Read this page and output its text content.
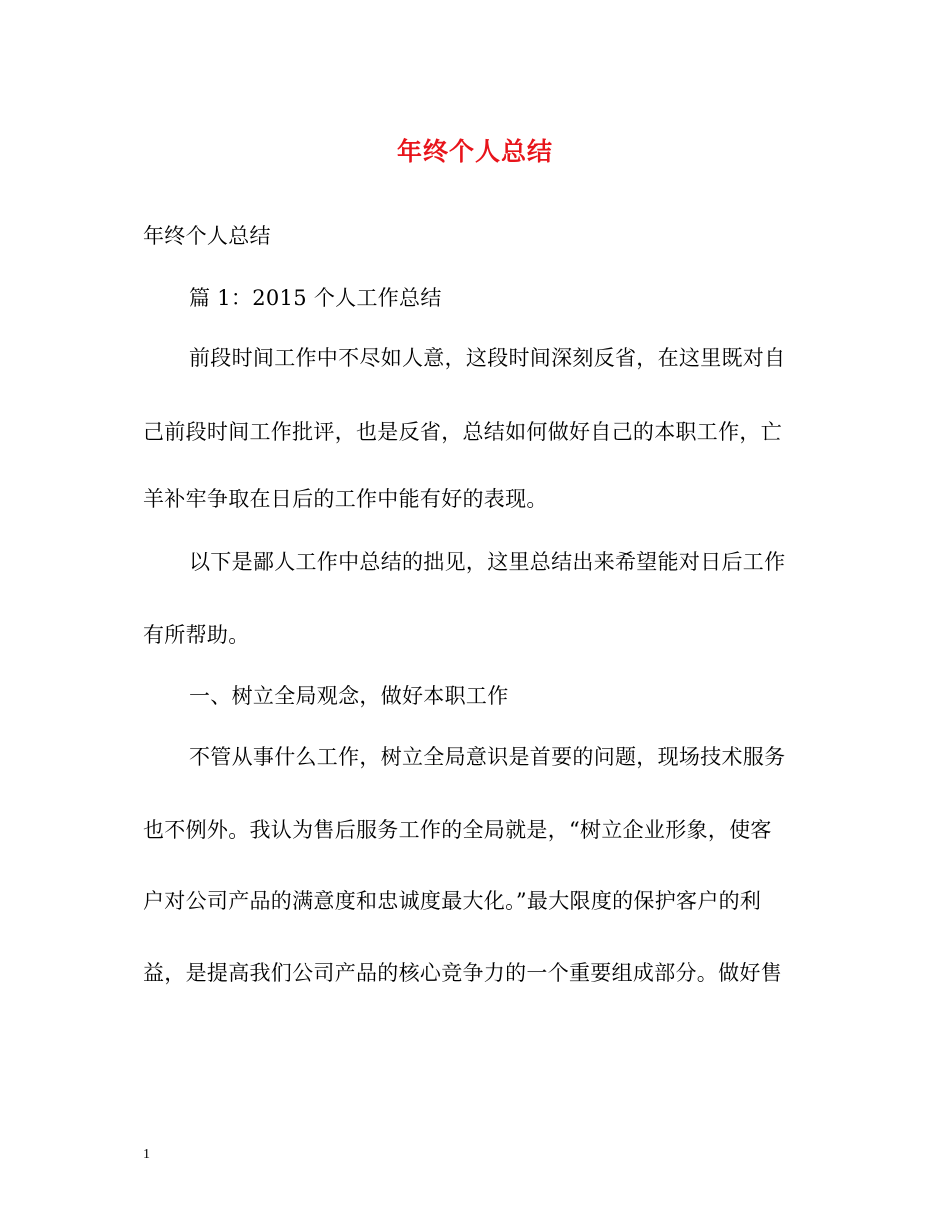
年终个人总结
年终个人总结
篇 1：2015 个人工作总结
前段时间工作中不尽如人意，这段时间深刻反省，在这里既对自
己前段时间工作批评，也是反省，总结如何做好自己的本职工作，亡
羊补牢争取在日后的工作中能有好的表现。
以下是鄙人工作中总结的拙见，这里总结出来希望能对日后工作
有所帮助。
一、树立全局观念，做好本职工作
不管从事什么工作，树立全局意识是首要的问题，现场技术服务
也不例外。我认为售后服务工作的全局就是，“树立企业形象，使客
户对公司产品的满意度和忠诚度最大化。”最大限度的保护客户的利
益，是提高我们公司产品的核心竞争力的一个重要组成部分。做好售
1
